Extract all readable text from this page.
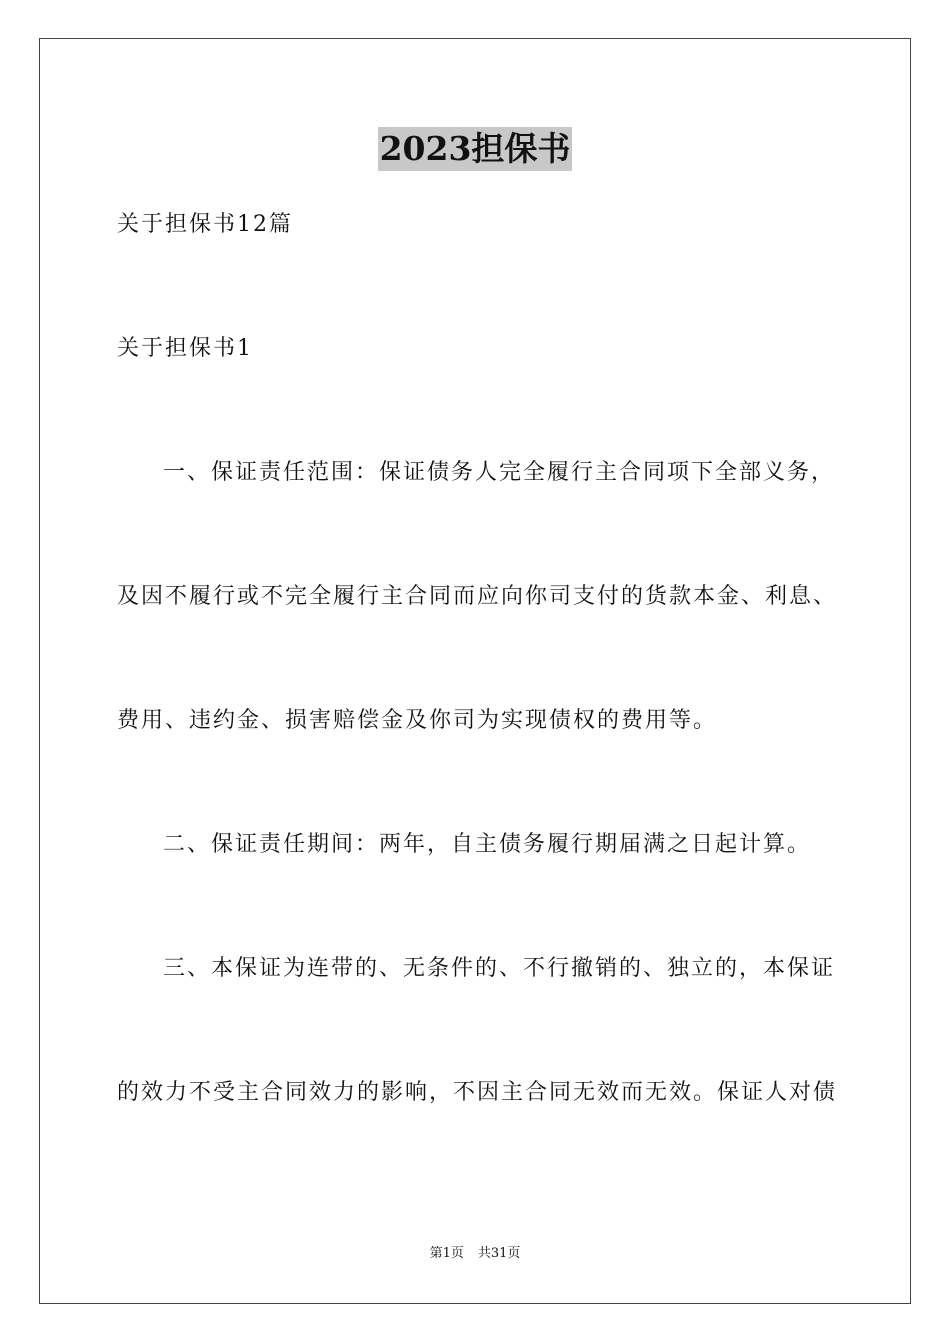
2023担保书
关于担保书12篇
关于担保书1
一、保证责任范围：保证债务人完全履行主合同项下全部义务，
及因不履行或不完全履行主合同而应向你司支付的货款本金、利息、
费用、违约金、损害赔偿金及你司为实现债权的费用等。
二、保证责任期间：两年，自主债务履行期届满之日起计算。
三、本保证为连带的、无条件的、不行撤销的、独立的，本保证
的效力不受主合同效力的影响，不因主合同无效而无效。保证人对债
第1页 共31页
